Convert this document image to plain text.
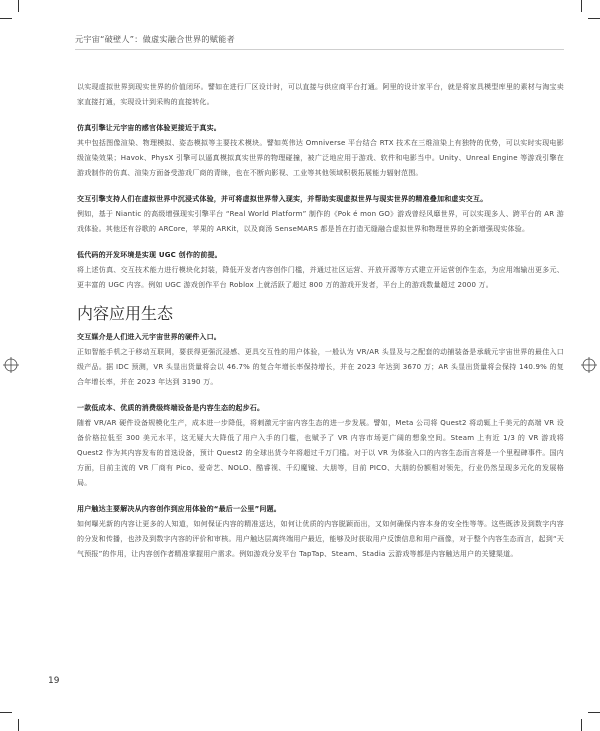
元宇宙“破壁人”：做虚实融合世界的赋能者

以实现虚拟世界到现实世界的价值闭环。譬如在进行厂区设计时，可以直接与供应商平台打通。阿里的设计家平台，就是将家具模型库里的素材与淘宝卖家直接打通，实现设计到采购的直接转化。

仿真引擎让元宇宙的感官体验更接近于真实。

其中包括图像渲染、物理模拟、姿态模拟等主要技术模块。譬如英伟达 Omniverse 平台结合 RTX 技术在三维渲染上有独特的优势，可以实时实现电影级渲染效果；Havok、PhysX 引擎可以逼真模拟真实世界的物理碰撞，被广泛地应用于游戏、软件和电影当中。Unity、Unreal Engine 等游戏引擎在游戏制作的仿真、渲染方面备受游戏厂商的青睐，也在不断向影视、工业等其他领域积极拓展能力辐射范围。

交互引擎支持人们在虚拟世界中沉浸式体验，并可将虚拟世界带入现实，并帮助实现虚拟世界与现实世界的精准叠加和虚实交互。

例如，基于 Niantic 的高级增强现实引擎平台 “Real World Platform” 制作的《Pok é mon GO》游戏曾经风靡世界，可以实现多人、跨平台的 AR 游戏体验。其他还有谷歌的 ARCore，苹果的 ARKit，以及商汤 SenseMARS 都是旨在打造无缝融合虚拟世界和物理世界的全新增强现实体验。

低代码的开发环境是实现 UGC 创作的前提。

将上述仿真、交互技术能力进行模块化封装，降低开发者内容创作门槛，并通过社区运营、开放开源等方式建立开运营创作生态，为应用端输出更多元、更丰富的 UGC 内容。例如 UGC 游戏创作平台 Roblox 上就活跃了超过 800 万的游戏开发者，平台上的游戏数量超过 2000 万。

内容应用生态

交互媒介是人们进入元宇宙世界的硬件入口。

正如智能手机之于移动互联网，要获得更强沉浸感、更具交互性的用户体验，一般认为 VR/AR 头显及与之配套的动捕装备是承载元宇宙世界的最佳入口级产品。据 IDC 预测，VR 头显出货量将会以 46.7% 的复合年增长率保持增长，并在 2023 年达到 3670 万；AR 头显出货量将会保持 140.9% 的复合年增长率，并在 2023 年达到 3190 万。

一款低成本、优质的消费级终端设备是内容生态的起步石。

随着 VR/AR 硬件设备规模化生产，成本进一步降低，将刺激元宇宙内容生态的进一步发展。譬如，Meta 公司将 Quest2 将动辄上千美元的高端 VR 设备价格拉低至 300 美元水平，这无疑大大降低了用户入手的门槛，也赋予了 VR 内容市场更广阔的想象空间。Steam 上有近 1/3 的 VR 游戏将 Quest2 作为其内容发布的首选设备，预计 Quest2 的全球出货今年将超过千万门槛。对于以 VR 为体验入口的内容生态而言将是一个里程碑事件。国内方面，目前主流的 VR 厂商有 Pico、爱奇艺、NOLO、酷睿视、千幻魔镜、大朋等，目前 PICO、大朋的份额相对领先，行业仍然呈现多元化的发展格局。

用户触达主要解决从内容创作到应用体验的“最后一公里”问题。

如何曝光新的内容让更多的人知道，如何保证内容的精准送达，如何让优质的内容脱颖而出，又如何确保内容本身的安全性等等。这些既涉及到数字内容的分发和传播，也涉及到数字内容的评价和审核。用户触达层离终端用户最近，能够及时获取用户反馈信息和用户画像，对于整个内容生态而言，起到“天气预报”的作用，让内容创作者精准掌握用户需求。例如游戏分发平台 TapTap、Steam、Stadia 云游戏等都是内容触达用户的关键渠道。

19
